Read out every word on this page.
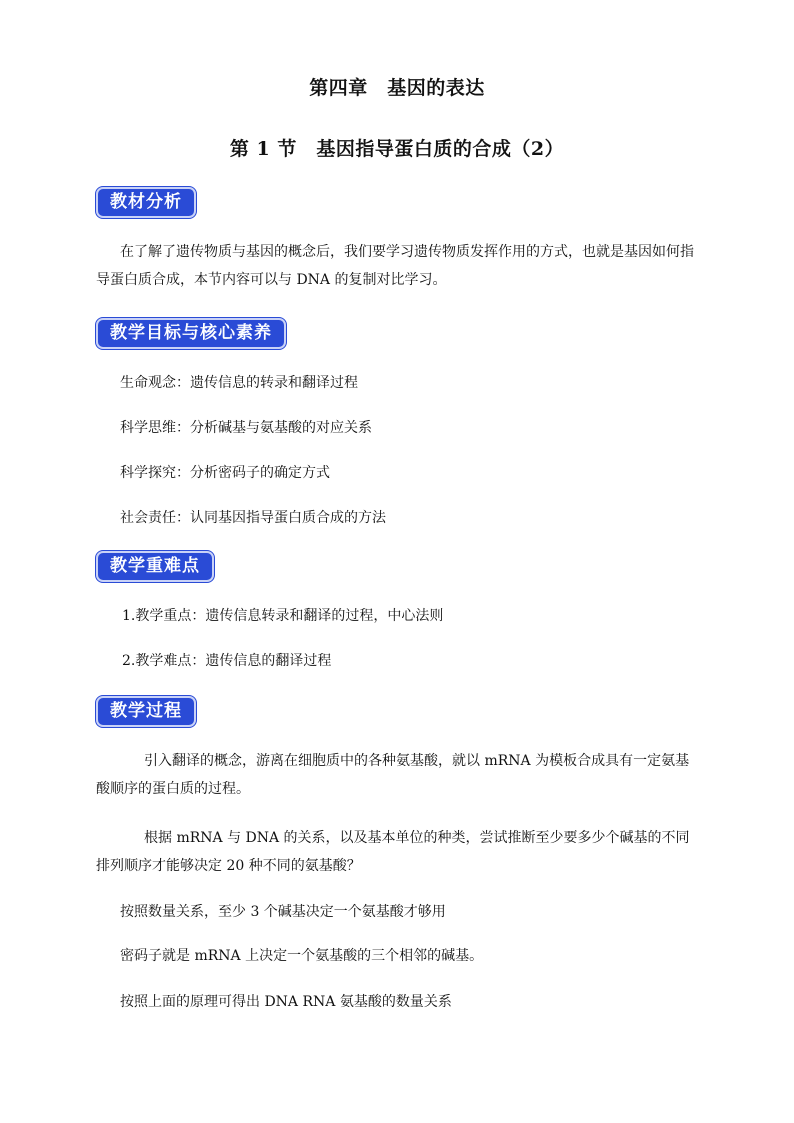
第四章　基因的表达
第 1 节　基因指导蛋白质的合成（2）
教材分析
在了解了遗传物质与基因的概念后，我们要学习遗传物质发挥作用的方式，也就是基因如何指导蛋白质合成，本节内容可以与 DNA 的复制对比学习。
教学目标与核心素养
生命观念：遗传信息的转录和翻译过程
科学思维：分析碱基与氨基酸的对应关系
科学探究：分析密码子的确定方式
社会责任：认同基因指导蛋白质合成的方法
教学重难点
1.教学重点：遗传信息转录和翻译的过程，中心法则
2.教学难点：遗传信息的翻译过程
教学过程
引入翻译的概念，游离在细胞质中的各种氨基酸，就以 mRNA 为模板合成具有一定氨基酸顺序的蛋白质的过程。
根据 mRNA 与 DNA 的关系，以及基本单位的种类，尝试推断至少要多少个碱基的不同排列顺序才能够决定 20 种不同的氨基酸？
按照数量关系，至少 3 个碱基决定一个氨基酸才够用
密码子就是 mRNA 上决定一个氨基酸的三个相邻的碱基。
按照上面的原理可得出 DNA RNA 氨基酸的数量关系
